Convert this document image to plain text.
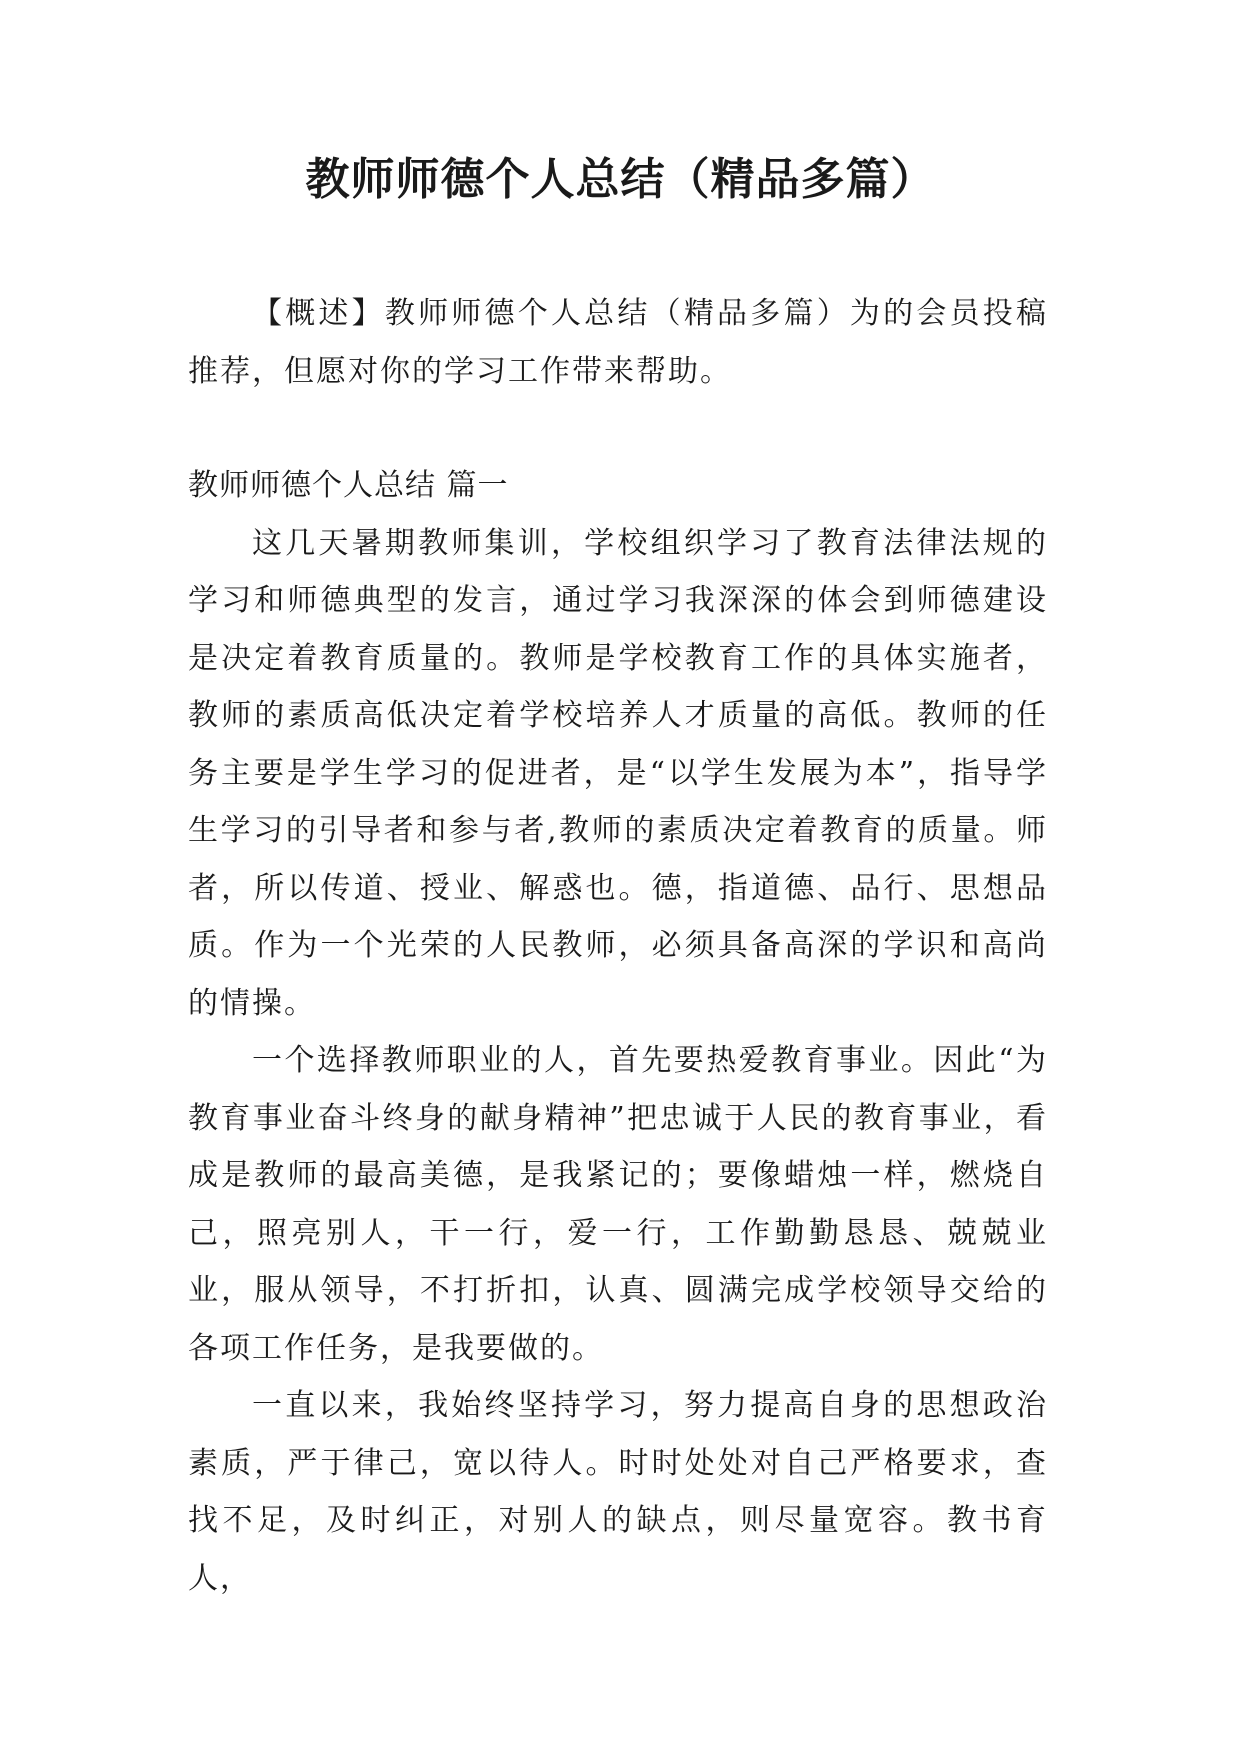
教师师德个人总结（精品多篇）

【概述】教师师德个人总结（精品多篇）为的会员投稿推荐，但愿对你的学习工作带来帮助。

教师师德个人总结 篇一

这几天暑期教师集训，学校组织学习了教育法律法规的学习和师德典型的发言，通过学习我深深的体会到师德建设是决定着教育质量的。教师是学校教育工作的具体实施者，教师的素质高低决定着学校培养人才质量的高低。教师的任务主要是学生学习的促进者，是“以学生发展为本”，指导学生学习的引导者和参与者,教师的素质决定着教育的质量。师者，所以传道、授业、解惑也。德，指道德、品行、思想品质。作为一个光荣的人民教师，必须具备高深的学识和高尚的情操。

一个选择教师职业的人，首先要热爱教育事业。因此“为教育事业奋斗终身的献身精神”把忠诚于人民的教育事业，看成是教师的最高美德，是我紧记的；要像蜡烛一样，燃烧自己，照亮别人，干一行，爱一行，工作勤勤恳恳、兢兢业业，服从领导，不打折扣，认真、圆满完成学校领导交给的各项工作任务，是我要做的。

一直以来，我始终坚持学习，努力提高自身的思想政治素质，严于律己，宽以待人。时时处处对自己严格要求，查找不足，及时纠正，对别人的缺点，则尽量宽容。教书育人，
